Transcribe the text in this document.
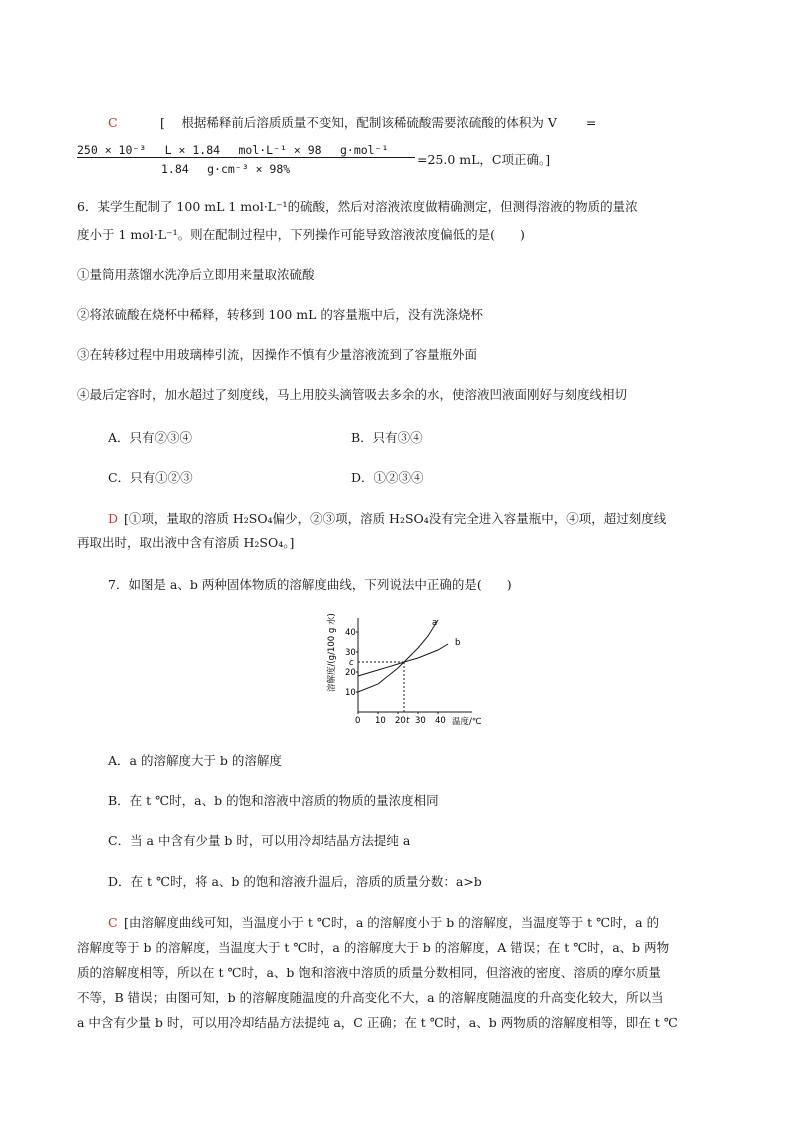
C	[　 根据稀释前后溶质质量不变知，配制该稀硫酸需要浓硫酸的体积为 V 　　=
250 × 10⁻³ 　L × 1.84 　mol·L⁻¹ × 98 　g·mol⁻¹
1.84 　g·cm⁻³ × 98%
=25.0 mL，C项正确。]
6．某学生配制了 100 mL 1 mol·L⁻¹的硫酸，然后对溶液浓度做精确测定，但测得溶液的物质的量浓
度小于 1 mol·L⁻¹。则在配制过程中，下列操作可能导致溶液浓度偏低的是(　　)
①量筒用蒸馏水洗净后立即用来量取浓硫酸
②将浓硫酸在烧杯中稀释，转移到 100 mL 的容量瓶中后，没有洗涤烧杯
③在转移过程中用玻璃棒引流，因操作不慎有少量溶液流到了容量瓶外面
④最后定容时，加水超过了刻度线，马上用胶头滴管吸去多余的水，使溶液凹液面刚好与刻度线相切
A．只有②③④	B．只有③④
C．只有①②③	D．①②③④
D [①项，量取的溶质 H₂SO₄偏少，②③项，溶质 H₂SO₄没有完全进入容量瓶中，④项，超过刻度线
再取出时，取出液中含有溶质 H₂SO₄。]
7．如图是 a、b 两种固体物质的溶解度曲线，下列说法中正确的是(　　)
0 10 20 30 40
10
20
30
40
t
c
溶解度/(g/100 g 水)
温度/℃
a
b
A．a 的溶解度大于 b 的溶解度
B．在 t ℃时，a、b 的饱和溶液中溶质的物质的量浓度相同
C．当 a 中含有少量 b 时，可以用冷却结晶方法提纯 a
D．在 t ℃时，将 a、b 的饱和溶液升温后，溶质的质量分数：a>b
C [由溶解度曲线可知，当温度小于 t ℃时，a 的溶解度小于 b 的溶解度，当温度等于 t ℃时，a 的
溶解度等于 b 的溶解度，当温度大于 t ℃时，a 的溶解度大于 b 的溶解度，A 错误；在 t ℃时，a、b 两物
质的溶解度相等，所以在 t ℃时，a、b 饱和溶液中溶质的质量分数相同，但溶液的密度、溶质的摩尔质量
不等，B 错误；由图可知，b 的溶解度随温度的升高变化不大，a 的溶解度随温度的升高变化较大，所以当
a 中含有少量 b 时，可以用冷却结晶方法提纯 a，C 正确；在 t ℃时，a、b 两物质的溶解度相等，即在 t ℃
